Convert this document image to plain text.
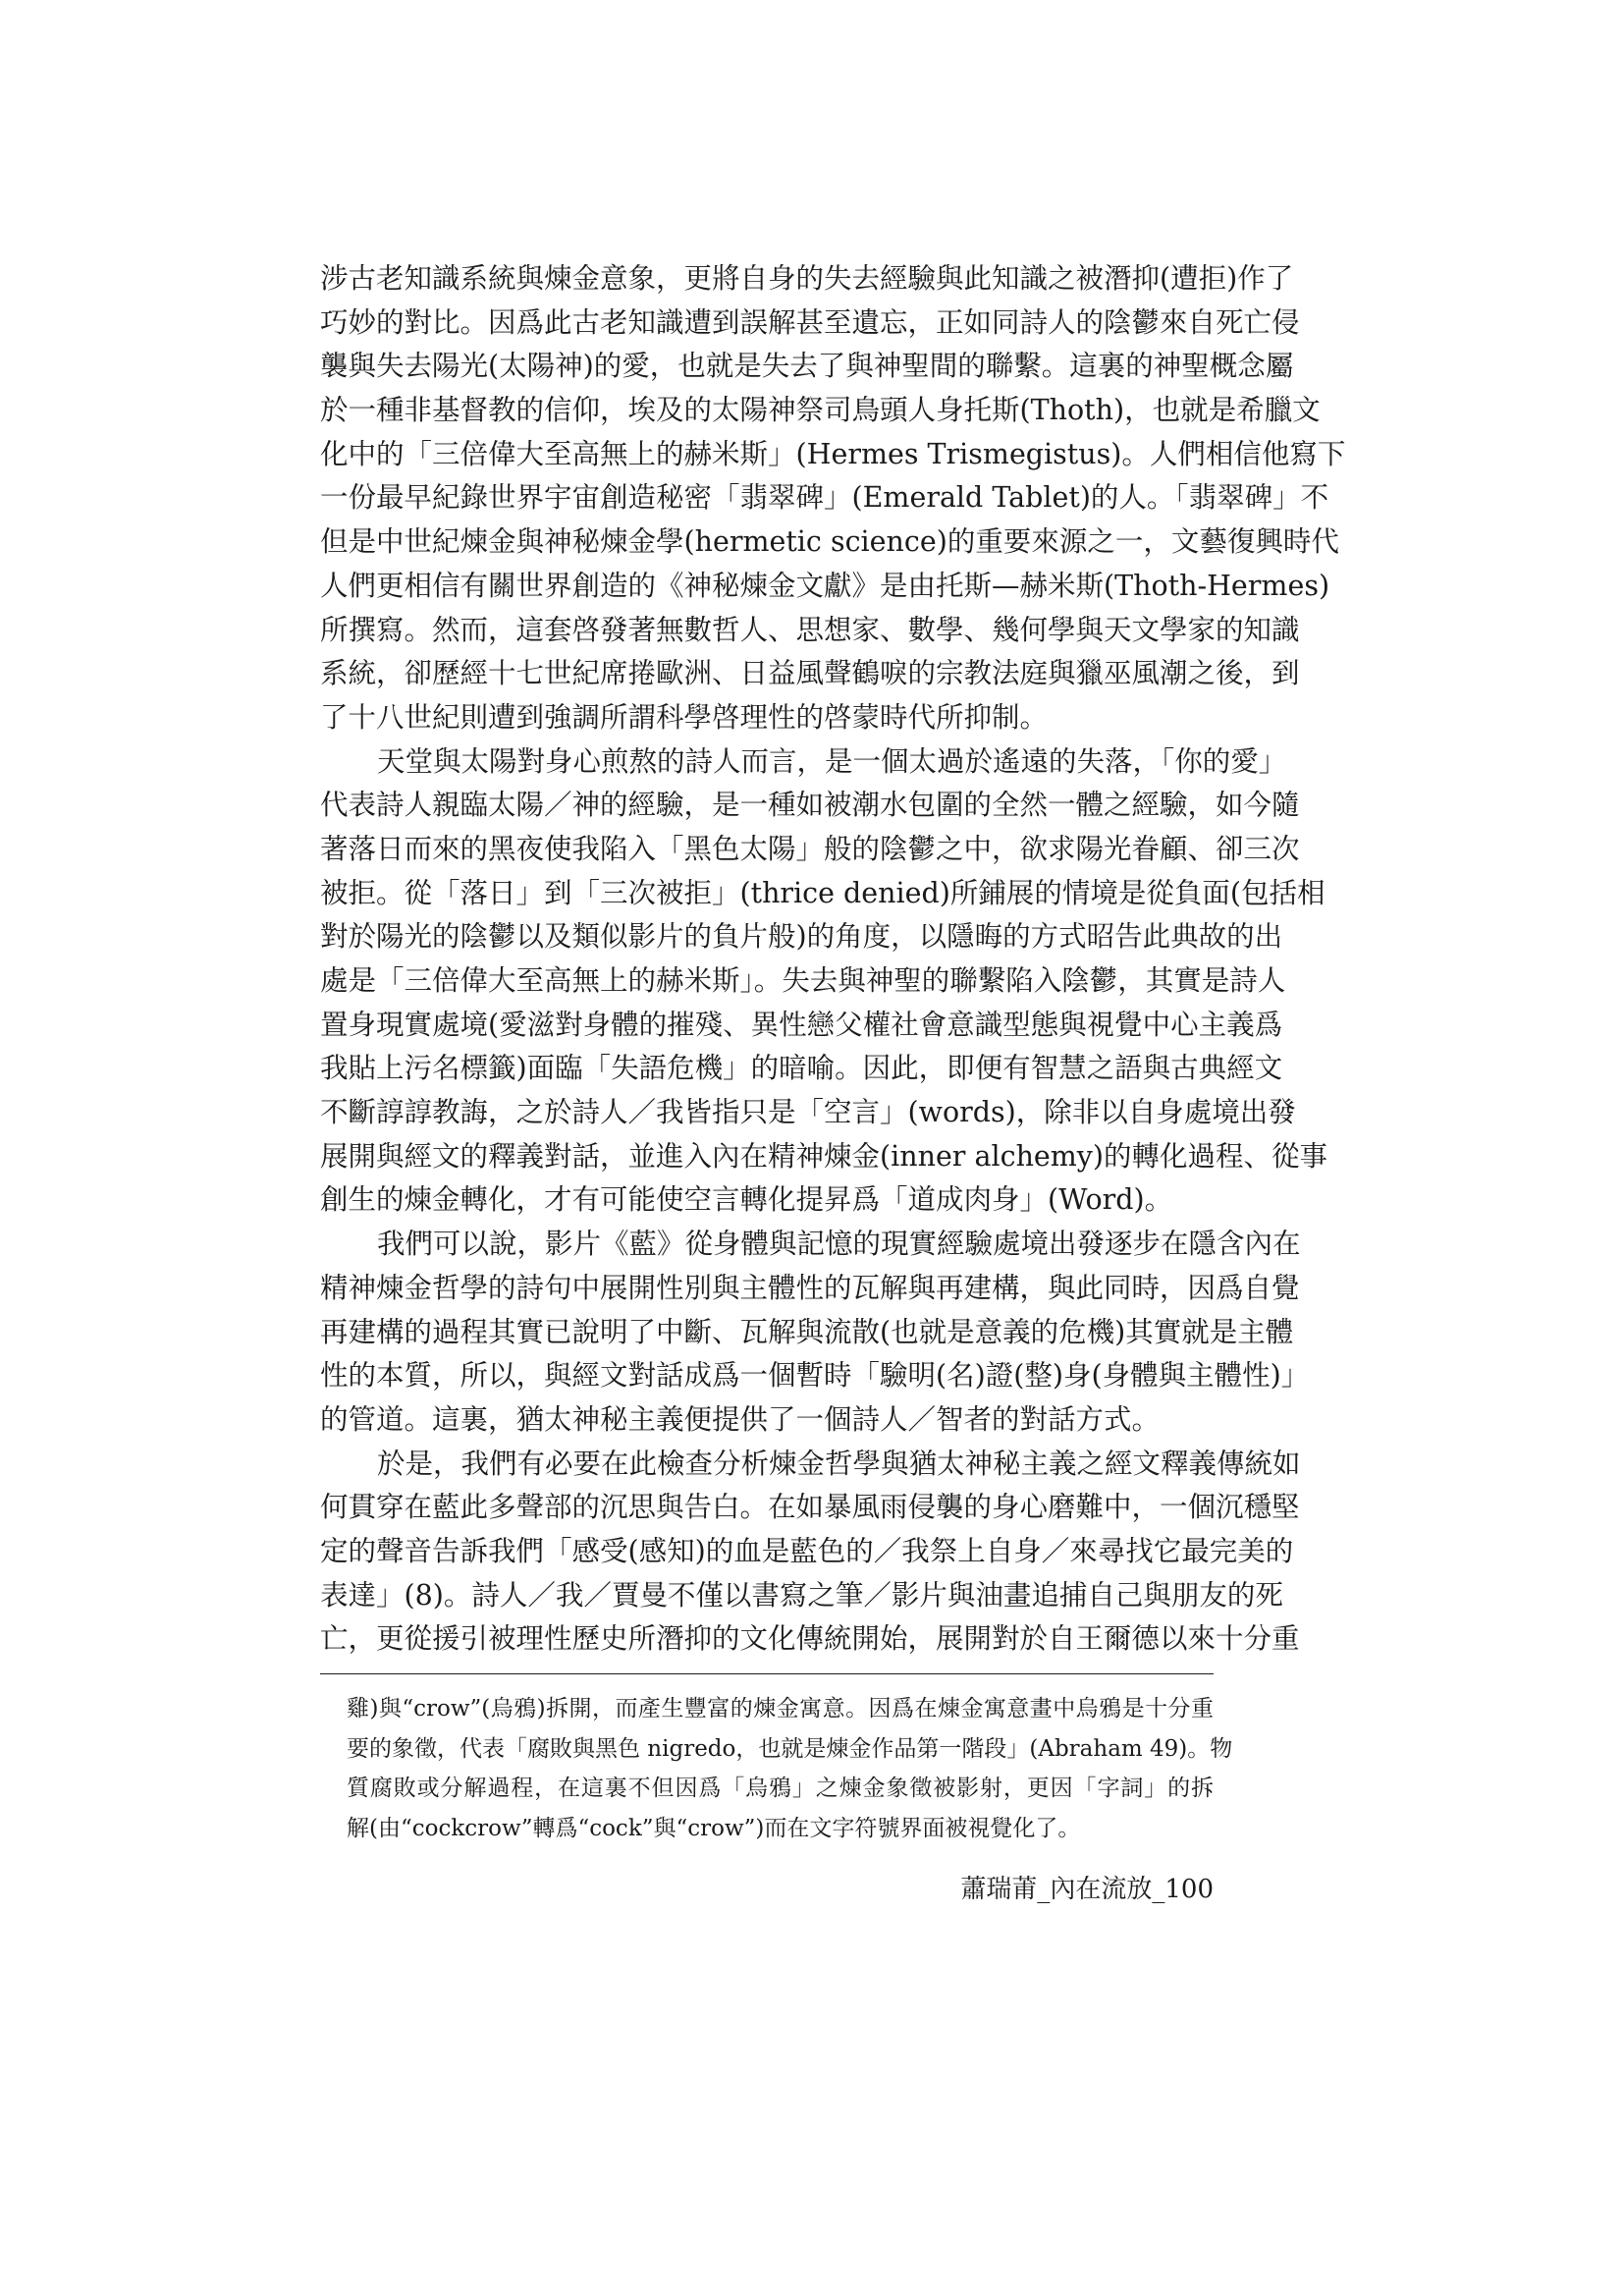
涉古老知識系統與煉金意象，更將自身的失去經驗與此知識之被潛抑(遭拒)作了
巧妙的對比。因爲此古老知識遭到誤解甚至遺忘，正如同詩人的陰鬱來自死亡侵
襲與失去陽光(太陽神)的愛，也就是失去了與神聖間的聯繫。這裏的神聖概念屬
於一種非基督教的信仰，埃及的太陽神祭司鳥頭人身托斯(Thoth)，也就是希臘文
化中的「三倍偉大至高無上的赫米斯」(Hermes Trismegistus)。人們相信他寫下
一份最早紀錄世界宇宙創造秘密「翡翠碑」(Emerald Tablet)的人。「翡翠碑」不
但是中世紀煉金與神秘煉金學(hermetic science)的重要來源之一，文藝復興時代
人們更相信有關世界創造的《神秘煉金文獻》是由托斯—赫米斯(Thoth-Hermes)
所撰寫。然而，這套啓發著無數哲人、思想家、數學、幾何學與天文學家的知識
系統，卻歷經十七世紀席捲歐洲、日益風聲鶴唳的宗教法庭與獵巫風潮之後，到
了十八世紀則遭到強調所謂科學啓理性的啓蒙時代所抑制。

天堂與太陽對身心煎熬的詩人而言，是一個太過於遙遠的失落，「你的愛」
代表詩人親臨太陽／神的經驗，是一種如被潮水包圍的全然一體之經驗，如今隨
著落日而來的黑夜使我陷入「黑色太陽」般的陰鬱之中，欲求陽光眷顧、卻三次
被拒。從「落日」到「三次被拒」(thrice denied)所鋪展的情境是從負面(包括相
對於陽光的陰鬱以及類似影片的負片般)的角度，以隱晦的方式昭告此典故的出
處是「三倍偉大至高無上的赫米斯」。失去與神聖的聯繫陷入陰鬱，其實是詩人
置身現實處境(愛滋對身體的摧殘、異性戀父權社會意識型態與視覺中心主義爲
我貼上污名標籤)面臨「失語危機」的暗喻。因此，即便有智慧之語與古典經文
不斷諄諄教誨，之於詩人／我皆指只是「空言」(words)，除非以自身處境出發
展開與經文的釋義對話，並進入內在精神煉金(inner alchemy)的轉化過程、從事
創生的煉金轉化，才有可能使空言轉化提昇爲「道成肉身」(Word)。

我們可以說，影片《藍》從身體與記憶的現實經驗處境出發逐步在隱含內在
精神煉金哲學的詩句中展開性別與主體性的瓦解與再建構，與此同時，因爲自覺
再建構的過程其實已說明了中斷、瓦解與流散(也就是意義的危機)其實就是主體
性的本質，所以，與經文對話成爲一個暫時「驗明(名)證(整)身(身體與主體性)」
的管道。這裏，猶太神秘主義便提供了一個詩人／智者的對話方式。

於是，我們有必要在此檢查分析煉金哲學與猶太神秘主義之經文釋義傳統如
何貫穿在藍此多聲部的沉思與告白。在如暴風雨侵襲的身心磨難中，一個沉穩堅
定的聲音告訴我們「感受(感知)的血是藍色的／我祭上自身／來尋找它最完美的
表達」(8)。詩人／我／賈曼不僅以書寫之筆／影片與油畫追捕自己與朋友的死
亡，更從援引被理性歷史所潛抑的文化傳統開始，展開對於自王爾德以來十分重

雞)與“crow”(烏鴉)拆開，而產生豐富的煉金寓意。因爲在煉金寓意畫中烏鴉是十分重
要的象徵，代表「腐敗與黑色 nigredo，也就是煉金作品第一階段」(Abraham 49)。物
質腐敗或分解過程，在這裏不但因爲「烏鴉」之煉金象徵被影射，更因「字詞」的拆
解(由“cockcrow”轉爲“cock”與“crow”)而在文字符號界面被視覺化了。
蕭瑞莆_內在流放_100
